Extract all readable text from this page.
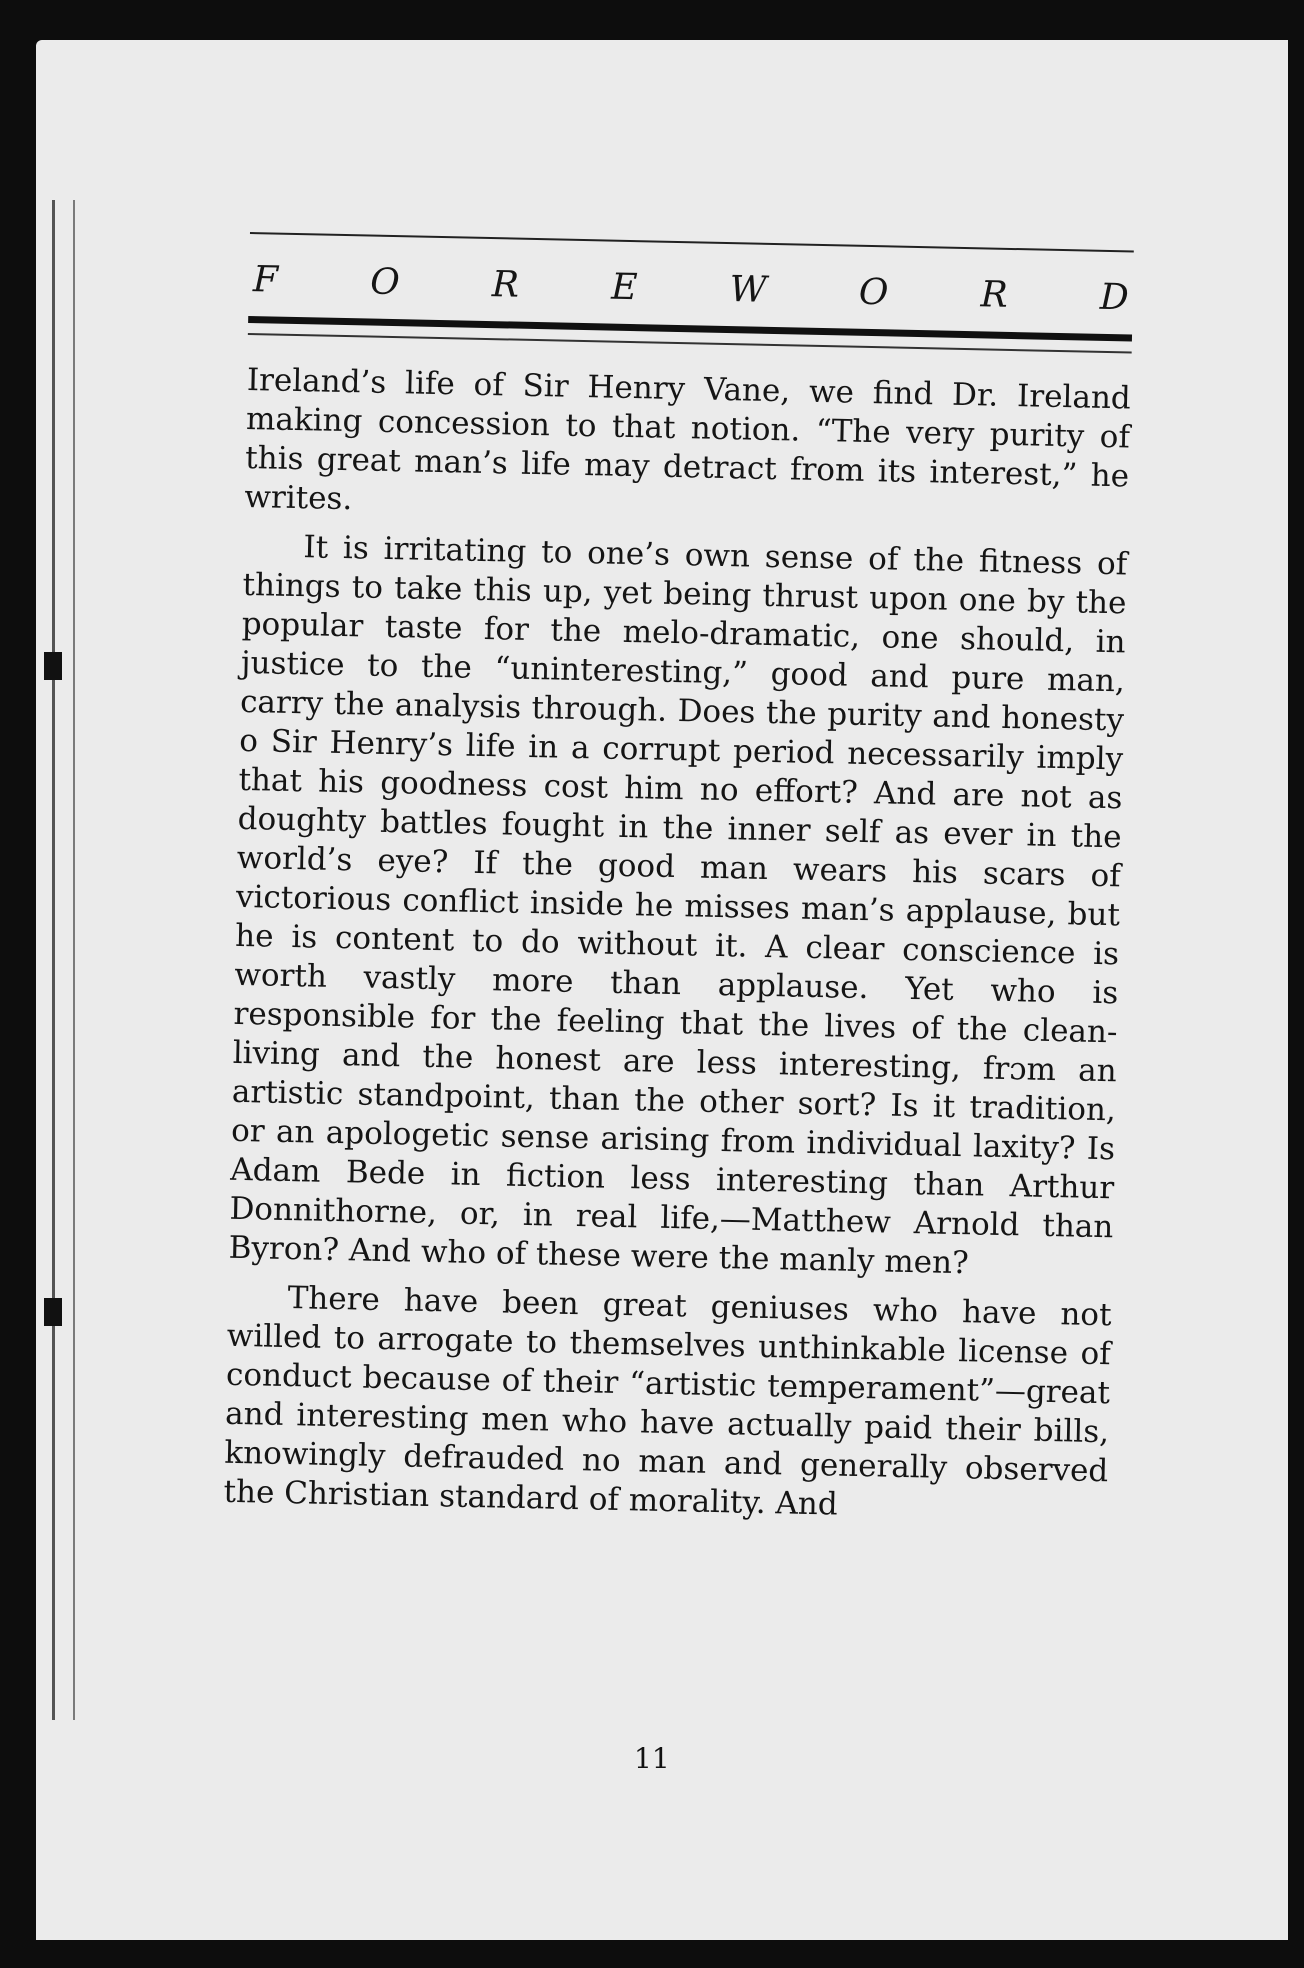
F	O	R	E	W	O	R	D

Ireland’s life of Sir Henry Vane, we find Dr. Ireland making concession to that notion. “The very purity of this great man’s life may detract from its interest,” he writes.

It is irritating to one’s own sense of the fitness of things to take this up, yet being thrust upon one by the popular taste for the melo-dramatic, one should, in justice to the “uninteresting,” good and pure man, carry the analysis through. Does the purity and honesty o Sir Henry’s life in a corrupt period necessarily imply that his goodness cost him no effort? And are not as doughty battles fought in the inner self as ever in the world’s eye? If the good man wears his scars of victorious conflict inside he misses man’s applause, but he is content to do without it. A clear conscience is worth vastly more than applause. Yet who is responsible for the feeling that the lives of the clean-living and the honest are less interesting, frɔm an artistic standpoint, than the other sort? Is it tradition, or an apologetic sense arising from individual laxity? Is Adam Bede in fiction less interesting than Arthur Donnithorne, or, in real life,—Matthew Arnold than Byron? And who of these were the manly men?

There have been great geniuses who have not willed to arrogate to themselves unthinkable license of conduct because of their “artistic temperament”—great and interesting men who have actually paid their bills, knowingly defrauded no man and generally observed the Christian standard of morality. And

11
